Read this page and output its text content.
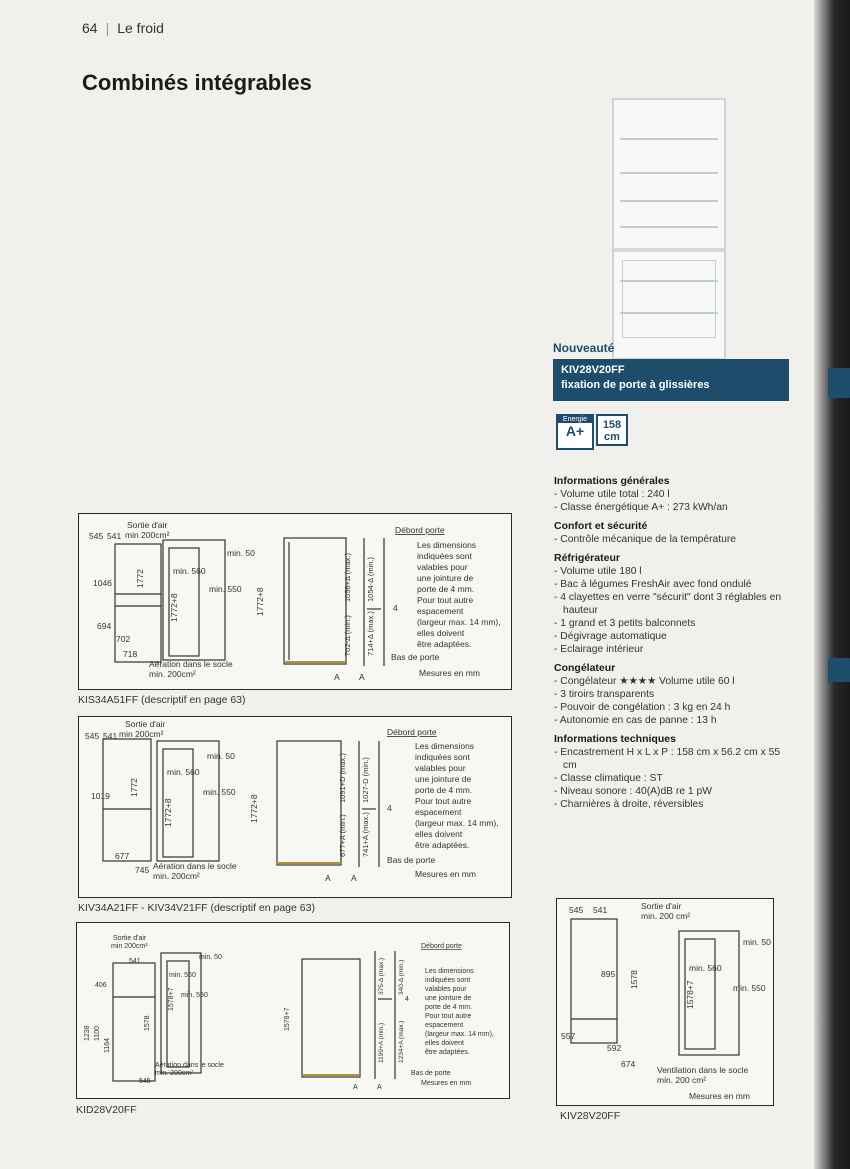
64 | Le froid
Combinés intégrables
Nouveauté
KIV28V20FF
fixation de porte à glissières
Energie
A+	158
cm
Informations générales
- Volume utile total : 240 l
- Classe énergétique A+ : 273 kWh/an
Confort et sécurité
- Contrôle mécanique de la température
Réfrigérateur
- Volume utile 180 l
- Bac à légumes FreshAir avec fond ondulé
- 4 clayettes en verre "sécurit" dont 3 réglables en hauteur
- 1 grand et 3 petits balconnets
- Dégivrage automatique
- Eclairage intérieur
Congélateur
- Congélateur ★★★★ Volume utile 60 l
- 3 tiroirs transparents
- Pouvoir de congélation : 3 kg en 24 h
- Autonomie en cas de panne : 13 h
Informations techniques
- Encastrement H x L x P : 158 cm x 56.2 cm x 55 cm
- Classe climatique : ST
- Niveau sonore : 40(A)dB re 1 pW
- Charnières à droite, réversibles
545 541
1046
694
702
718
1772
1772+8	1772+8	1056+Δ (max.) 1054-Δ (min.)
702-Δ (min.) 714+Δ (max.)
4
Sortie d'air
min 200cm²
min. 50
min. 560
min. 550
Aération dans le socle
min. 200cm²
Débord porte
Les dimensions
indiquées sont
valables pour
une jointure de
porte de 4 mm.
Pour tout autre
espacement
(largeur max. 14 mm),
elles doivent
être adaptées.
Bas de porte
Mesures en mm
A A
KIS34A51FF (descriptif en page 63)
545 541
1019
677
745
1772
1772+8	1772+8
1091+D (max.) 1027-D (min.)
677+A (min.) 741+A (max.)
4
Sortie d'air
min 200cm²
min. 50
min. 560
min. 550
Aération dans le socle
min. 200cm²
Débord porte
Les dimensions
indiquées sont
valables pour
une jointure de
porte de 4 mm.
Pour tout autre
espacement
(largeur max. 14 mm),
elles doivent
être adaptées.
Bas de porte
Mesures en mm
A A
KIV34A21FF - KIV34V21FF (descriptif en page 63)
541
406
1238 1100
1164
545
1578
1578+7
1578+7
375-Δ (max.) 340-Δ (min.)
1199+A (min.) 1234+A (max.)
4
Sortie d'air
min 200cm²
min. 50
min. 560
min. 550
Aération dans le socle
min. 200cm²
Débord porte
Les dimensions
indiquées sont
valables pour
une jointure de
porte de 4 mm.
Pour tout autre
espacement
(largeur max. 14 mm),
elles doivent
être adaptées.
Bas de porte
Mesures en mm
A	A
KID28V20FF
545 541
895
557
592
674
1578
1578+7
min. 50
min. 560
min. 550
Sortie d'air
min. 200 cm²
Ventilation dans le socle
min. 200 cm²
Mesures en mm
KIV28V20FF
